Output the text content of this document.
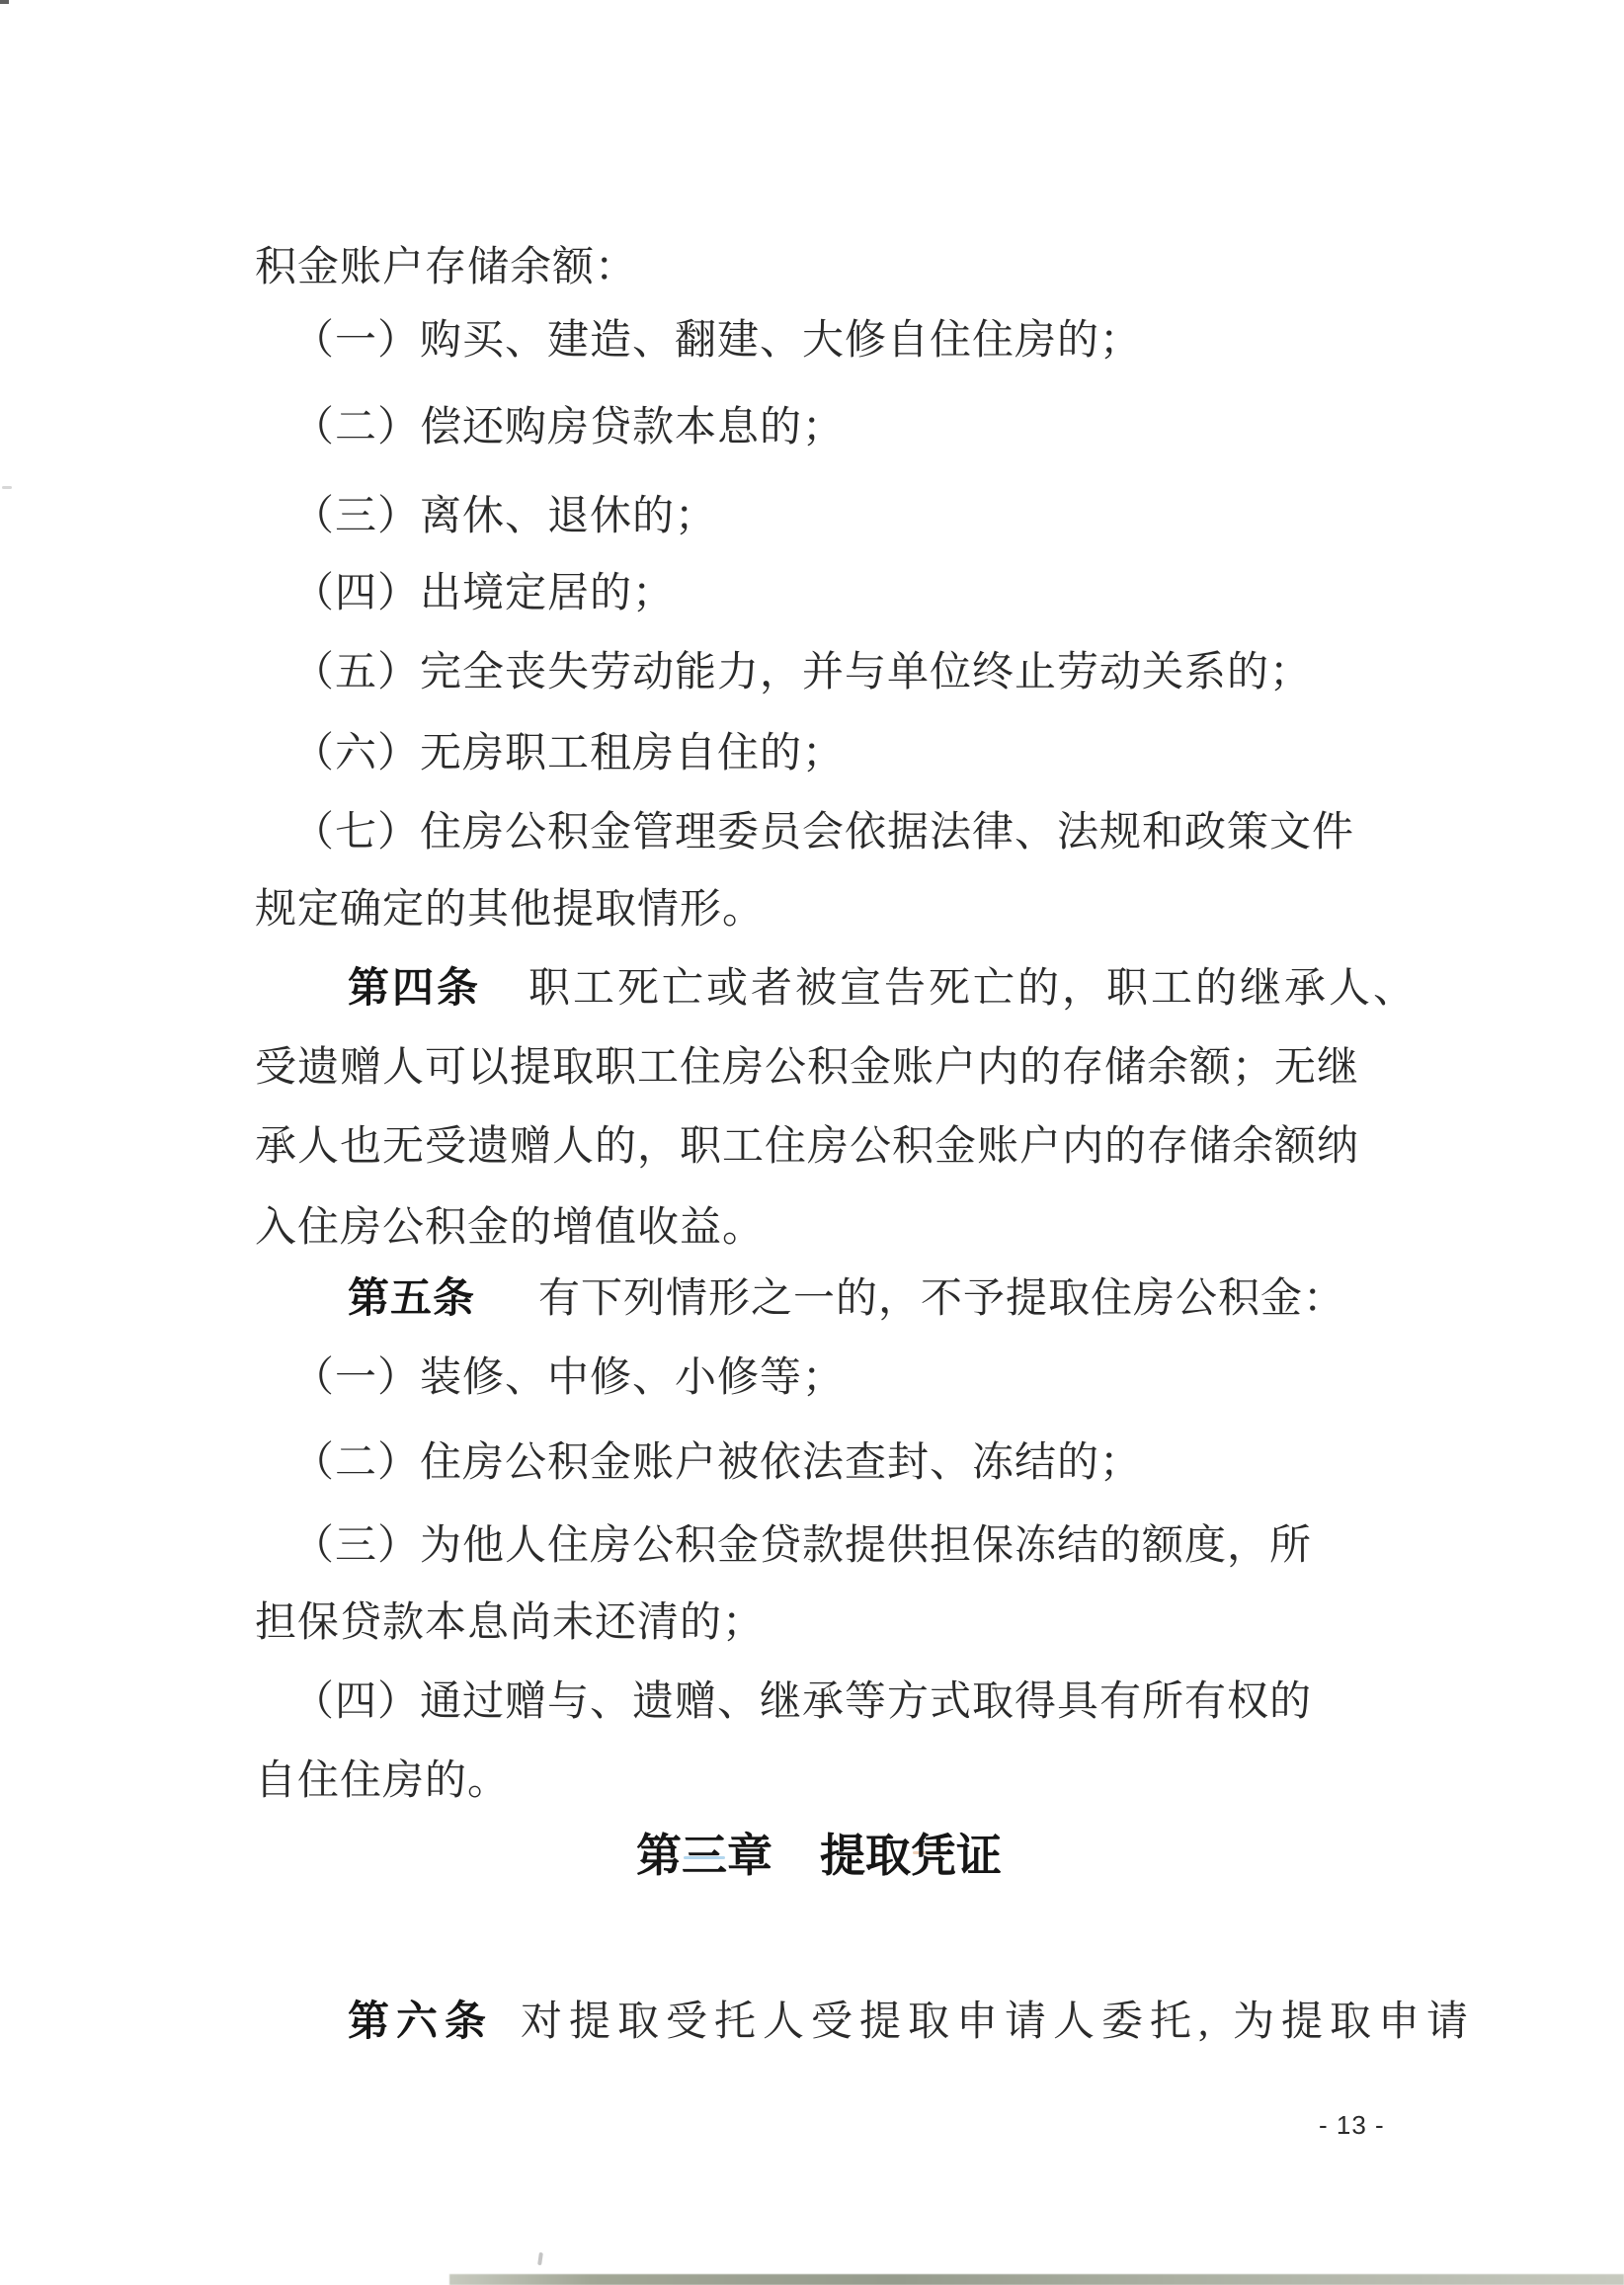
积金账户存储余额：
（一）购买、建造、翻建、大修自住住房的；
（二）偿还购房贷款本息的；
（三）离休、退休的；
（四）出境定居的；
（五）完全丧失劳动能力，并与单位终止劳动关系的；
（六）无房职工租房自住的；
（七）住房公积金管理委员会依据法律、法规和政策文件
规定确定的其他提取情形。
第四条 职工死亡或者被宣告死亡的，职工的继承人、
受遗赠人可以提取职工住房公积金账户内的存储余额；无继
承人也无受遗赠人的，职工住房公积金账户内的存储余额纳
入住房公积金的增值收益。
第五条 有下列情形之一的，不予提取住房公积金：
（一）装修、中修、小修等；
（二）住房公积金账户被依法查封、冻结的；
（三）为他人住房公积金贷款提供担保冻结的额度，所
担保贷款本息尚未还清的；
（四）通过赠与、遗赠、继承等方式取得具有所有权的
自住住房的。
第三章 提取凭证
第六条 对提取受托人受提取申请人委托, 为提取申请
- 13 -
